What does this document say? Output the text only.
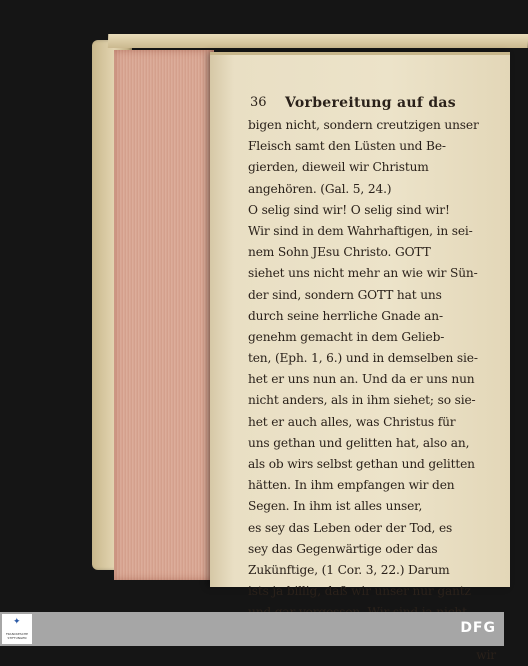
36 Vorbereitung auf das
bigen nicht, sondern creutzigen unser
Fleisch samt den Lüsten und Be-
gierden, dieweil wir Christum
angehören. (Gal. 5, 24.)
O selig sind wir! O selig sind wir!
Wir sind in dem Wahrhaftigen, in sei-
nem Sohn JEsu Christo. GOTT
siehet uns nicht mehr an wie wir Sün-
der sind, sondern GOTT hat uns
durch seine herrliche Gnade an-
genehm gemacht in dem Gelieb-
ten, (Eph. 1, 6.) und in demselben sie-
het er uns nun an. Und da er uns nun
nicht anders, als in ihm siehet; so sie-
het er auch alles, was Christus für
uns gethan und gelitten hat, also an,
als ob wirs selbst gethan und gelitten
hätten. In ihm empfangen wir den
Segen. In ihm ist alles unser,
es sey das Leben oder der Tod, es
sey das Gegenwärtige oder das
Zukünftige, (1 Cor. 3, 22.) Darum
ists ja billig, daß wir unser nur gantz
wir
✦
FRANCKESCHE STIFTUNGEN
DFG
